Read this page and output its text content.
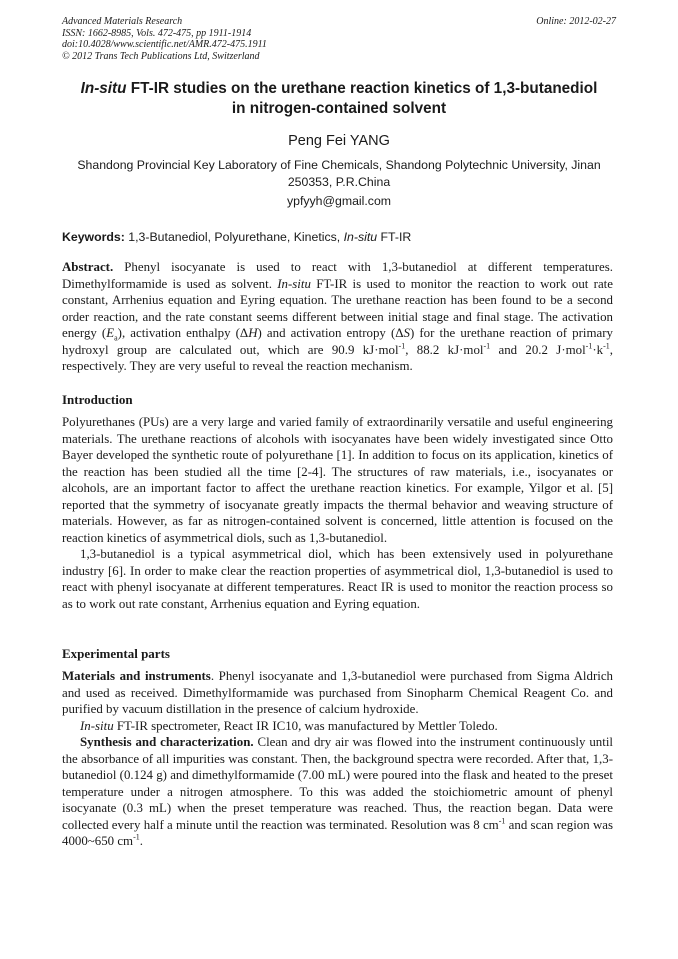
Advanced Materials Research
ISSN: 1662-8985, Vols. 472-475, pp 1911-1914
doi:10.4028/www.scientific.net/AMR.472-475.1911
© 2012 Trans Tech Publications Ltd, Switzerland
Online: 2012-02-27
In-situ FT-IR studies on the urethane reaction kinetics of 1,3-butanediol
in nitrogen-contained solvent
Peng Fei YANG
Shandong Provincial Key Laboratory of Fine Chemicals, Shandong Polytechnic University, Jinan
250353, P.R.China
ypfyyh@gmail.com
Keywords: 1,3-Butanediol, Polyurethane, Kinetics, In-situ FT-IR

Abstract. Phenyl isocyanate is used to react with 1,3-butanediol at different temperatures. Dimethylformamide is used as solvent. In-situ FT-IR is used to monitor the reaction to work out rate constant, Arrhenius equation and Eyring equation. The urethane reaction has been found to be a second order reaction, and the rate constant seems different between initial stage and final stage. The activation energy $(E_a)$, activation enthalpy (ΔH) and activation entropy (ΔS) for the urethane reaction of primary hydroxyl group are calculated out, which are 90.9 kJ·mol$^{-1}$, 88.2 kJ·mol$^{-1}$ and 20.2 $J\cdot mol^{-1}\cdot k^{-1}$, respectively. They are very useful to reveal the reaction mechanism.

Introduction

Polyurethanes (PUs) are a very large and varied family of extraordinarily versatile and useful engineering materials. The urethane reactions of alcohols with isocyanates have been widely investigated since Otto Bayer developed the synthetic route of polyurethane [1]. In addition to focus on its application, kinetics of the reaction has been studied all the time [2-4]. The structures of raw materials, i.e., isocyanates or alcohols, are an important factor to affect the urethane reaction kinetics. For example, Yilgor et al. [5] reported that the symmetry of isocyanate greatly impacts the thermal behavior and weaving structure of materials. However, as far as nitrogen-contained solvent is concerned, little attention is focused on the reaction kinetics of asymmetrical diols, such as 1,3-butanediol.

1,3-butanediol is a typical asymmetrical diol, which has been extensively used in polyurethane industry [6]. In order to make clear the reaction properties of asymmetrical diol, 1,3-butanediol is used to react with phenyl isocyanate at different temperatures. React IR is used to monitor the reaction process so as to work out rate constant, Arrhenius equation and Eyring equation.

Experimental parts

Materials and instruments. Phenyl isocyanate and 1,3-butanediol were purchased from Sigma Aldrich and used as received. Dimethylformamide was purchased from Sinopharm Chemical Reagent Co. and purified by vacuum distillation in the presence of calcium hydroxide.

In-situ FT-IR spectrometer, React IR IC10, was manufactured by Mettler Toledo.

Synthesis and characterization. Clean and dry air was flowed into the instrument continuously until the absorbance of all impurities was constant. Then, the background spectra were recorded. After that, 1,3-butanediol (0.124 g) and dimethylformamide (7.00 mL) were poured into the flask and heated to the preset temperature under a nitrogen atmosphere. To this was added the stoichiometric amount of phenyl isocyanate (0.3 mL) when the preset temperature was reached. Thus, the reaction began. Data were collected every half a minute until the reaction was terminated. Resolution was 8 $cm^{-1}$ and scan region was 4000~650 $cm^{-1}$.
